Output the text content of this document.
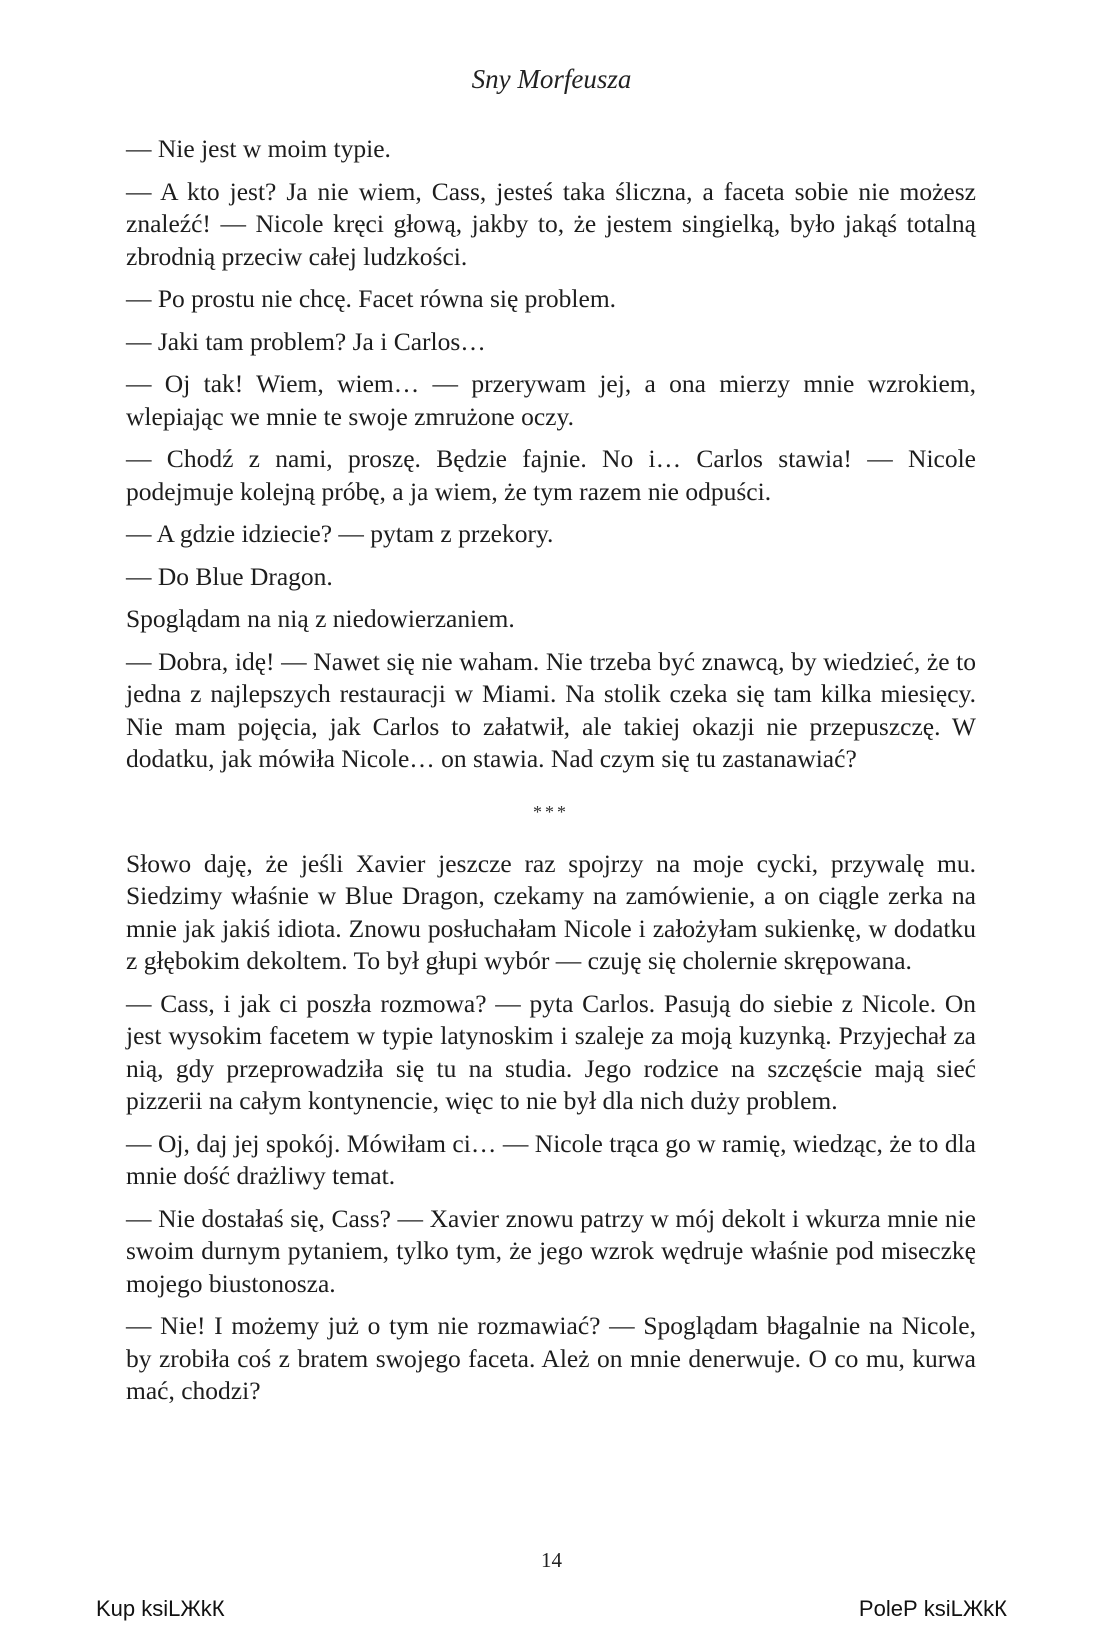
Sny Morfeusza

— Nie jest w moim typie.

— A kto jest? Ja nie wiem, Cass, jesteś taka śliczna, a faceta sobie nie możesz znaleźć! — Nicole kręci głową, jakby to, że jestem singielką, było jakąś totalną zbrodnią przeciw całej ludzkości.

— Po prostu nie chcę. Facet równa się problem.

— Jaki tam problem? Ja i Carlos…

— Oj tak! Wiem, wiem… — przerywam jej, a ona mierzy mnie wzrokiem, wlepiając we mnie te swoje zmrużone oczy.

— Chodź z nami, proszę. Będzie fajnie. No i… Carlos stawia! — Nicole podejmuje kolejną próbę, a ja wiem, że tym razem nie odpuści.

— A gdzie idziecie? — pytam z przekory.

— Do Blue Dragon.

Spoglądam na nią z niedowierzaniem.

— Dobra, idę! — Nawet się nie waham. Nie trzeba być znawcą, by wiedzieć, że to jedna z najlepszych restauracji w Miami. Na stolik czeka się tam kilka miesięcy. Nie mam pojęcia, jak Carlos to załatwił, ale takiej okazji nie przepuszczę. W dodatku, jak mówiła Nicole… on stawia. Nad czym się tu zastanawiać?

***

Słowo daję, że jeśli Xavier jeszcze raz spojrzy na moje cycki, przywalę mu. Siedzimy właśnie w Blue Dragon, czekamy na zamówienie, a on ciągle zerka na mnie jak jakiś idiota. Znowu posłuchałam Nicole i założyłam sukienkę, w dodatku z głębokim dekoltem. To był głupi wybór — czuję się cholernie skrępowana.

— Cass, i jak ci poszła rozmowa? — pyta Carlos. Pasują do siebie z Nicole. On jest wysokim facetem w typie latynoskim i szaleje za moją kuzynką. Przyjechał za nią, gdy przeprowadziła się tu na studia. Jego rodzice na szczęście mają sieć pizzerii na całym kontynencie, więc to nie był dla nich duży problem.

— Oj, daj jej spokój. Mówiłam ci… — Nicole trąca go w ramię, wiedząc, że to dla mnie dość drażliwy temat.

— Nie dostałaś się, Cass? — Xavier znowu patrzy w mój dekolt i wkurza mnie nie swoim durnym pytaniem, tylko tym, że jego wzrok wędruje właśnie pod miseczkę mojego biustonosza.

— Nie! I możemy już o tym nie rozmawiać? — Spoglądam błagalnie na Nicole, by zrobiła coś z bratem swojego faceta. Ależ on mnie denerwuje. O co mu, kurwa mać, chodzi?

14
Kup ksiLЖkК	PoleР ksiLЖkК
